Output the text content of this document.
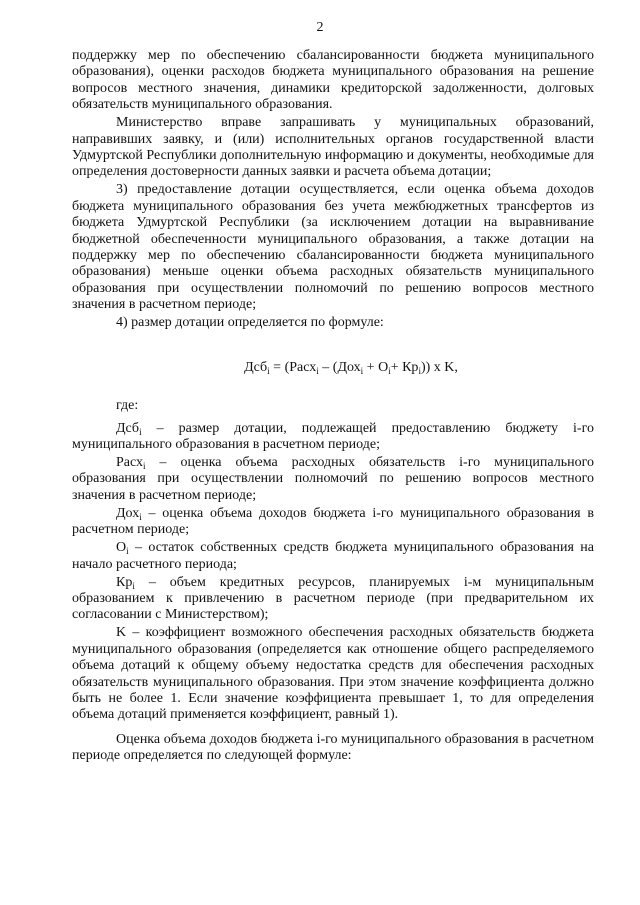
2

поддержку мер по обеспечению сбалансированности бюджета муниципального образования), оценки расходов бюджета муниципального образования на решение вопросов местного значения, динамики кредиторской задолженности, долговых обязательств муниципального образования.

Министерство вправе запрашивать у муниципальных образований, направивших заявку, и (или) исполнительных органов государственной власти Удмуртской Республики дополнительную информацию и документы, необходимые для определения достоверности данных заявки и расчета объема дотации;

3) предоставление дотации осуществляется, если оценка объема доходов бюджета муниципального образования без учета межбюджетных трансфертов из бюджета Удмуртской Республики (за исключением дотации на выравнивание бюджетной обеспеченности муниципального образования, а также дотации на поддержку мер по обеспечению сбалансированности бюджета муниципального образования) меньше оценки объема расходных обязательств муниципального образования при осуществлении полномочий по решению вопросов местного значения в расчетном периоде;

4) размер дотации определяется по формуле:

Дсб$_i$ = (Расх$_i$ – $(Дох_i + О_i+ Кр_i)$) х K,

где:

Дсб$_i$ – размер дотации, подлежащей предоставлению бюджету i-го муниципального образования в расчетном периоде;

Расх$_i$ – оценка объема расходных обязательств i-го муниципального образования при осуществлении полномочий по решению вопросов местного значения в расчетном периоде;

Дох$_i$ – оценка объема доходов бюджета i-го муниципального образования в расчетном периоде;

$О_i$ – остаток собственных средств бюджета муниципального образования на начало расчетного периода;

$Кр_i$ – объем кредитных ресурсов, планируемых i-м муниципальным образованием к привлечению в расчетном периоде (при предварительном их согласовании с Министерством);

K – коэффициент возможного обеспечения расходных обязательств бюджета муниципального образования (определяется как отношение общего распределяемого объема дотаций к общему объему недостатка средств для обеспечения расходных обязательств муниципального образования. При этом значение коэффициента должно быть не более 1. Если значение коэффициента превышает 1, то для определения объема дотаций применяется коэффициент, равный 1).

Оценка объема доходов бюджета i-го муниципального образования в расчетном периоде определяется по следующей формуле:
